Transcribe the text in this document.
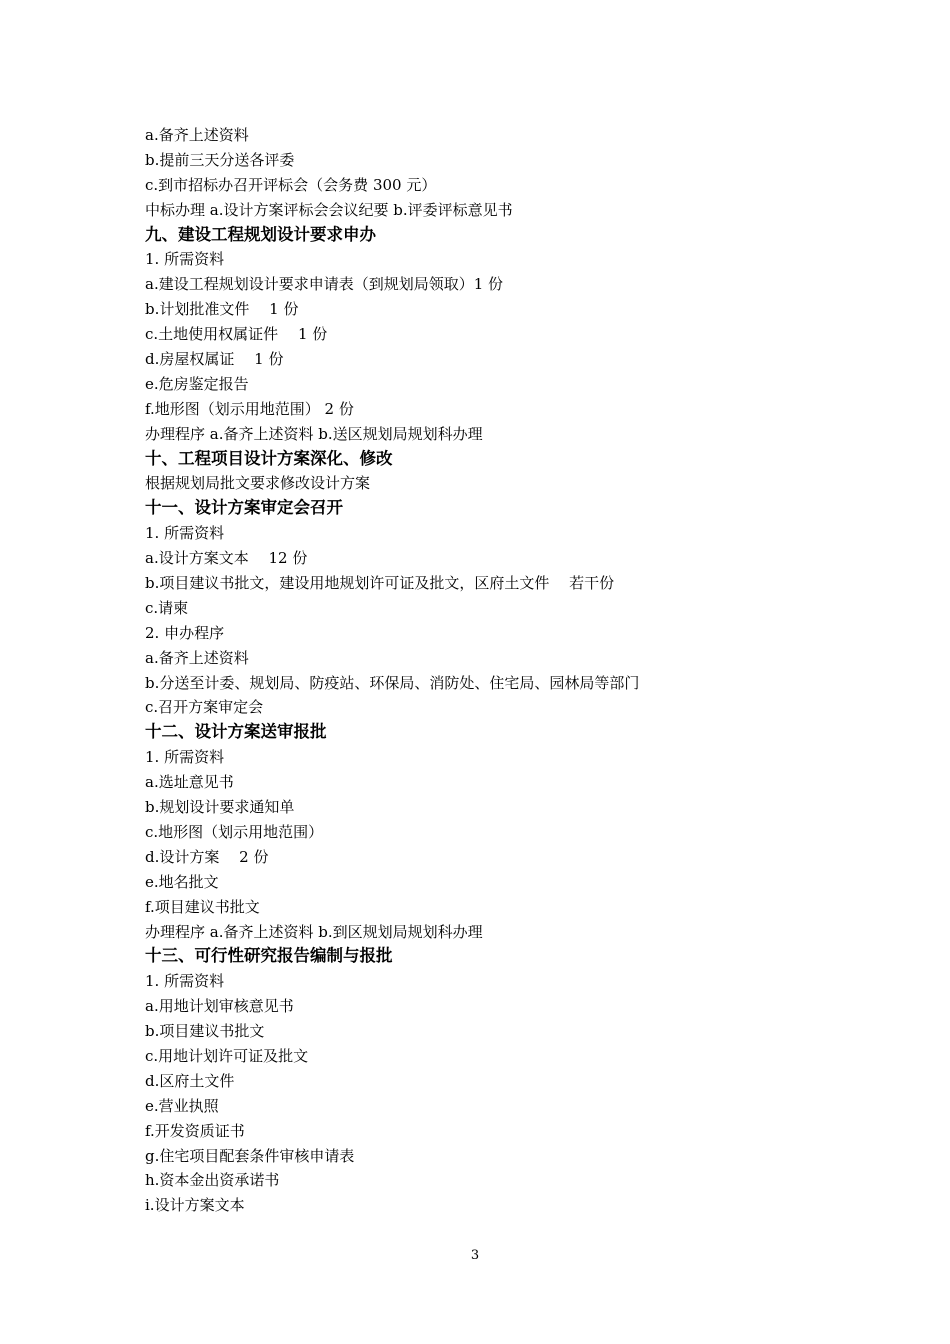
a.备齐上述资料
b.提前三天分送各评委
c.到市招标办召开评标会（会务费 300 元）
中标办理 a.设计方案评标会会议纪要 b.评委评标意见书
九、建设工程规划设计要求申办
1. 所需资料
a.建设工程规划设计要求申请表（到规划局领取）1 份
b.计划批准文件　 1 份
c.土地使用权属证件　 1 份
d.房屋权属证　 1 份
e.危房鉴定报告
f.地形图（划示用地范围） 2 份
办理程序 a.备齐上述资料 b.送区规划局规划科办理
十、工程项目设计方案深化、修改
根据规划局批文要求修改设计方案
十一、设计方案审定会召开
1. 所需资料
a.设计方案文本　 12 份
b.项目建议书批文，建设用地规划许可证及批文，区府土文件　 若干份
c.请柬
2. 申办程序
a.备齐上述资料
b.分送至计委、规划局、防疫站、环保局、消防处、住宅局、园林局等部门
c.召开方案审定会
十二、设计方案送审报批
1. 所需资料
a.选址意见书
b.规划设计要求通知单
c.地形图（划示用地范围）
d.设计方案　 2 份
e.地名批文
f.项目建议书批文
办理程序 a.备齐上述资料 b.到区规划局规划科办理
十三、可行性研究报告编制与报批
1. 所需资料
a.用地计划审核意见书
b.项目建议书批文
c.用地计划许可证及批文
d.区府土文件
e.营业执照
f.开发资质证书
g.住宅项目配套条件审核申请表
h.资本金出资承诺书
i.设计方案文本
3
